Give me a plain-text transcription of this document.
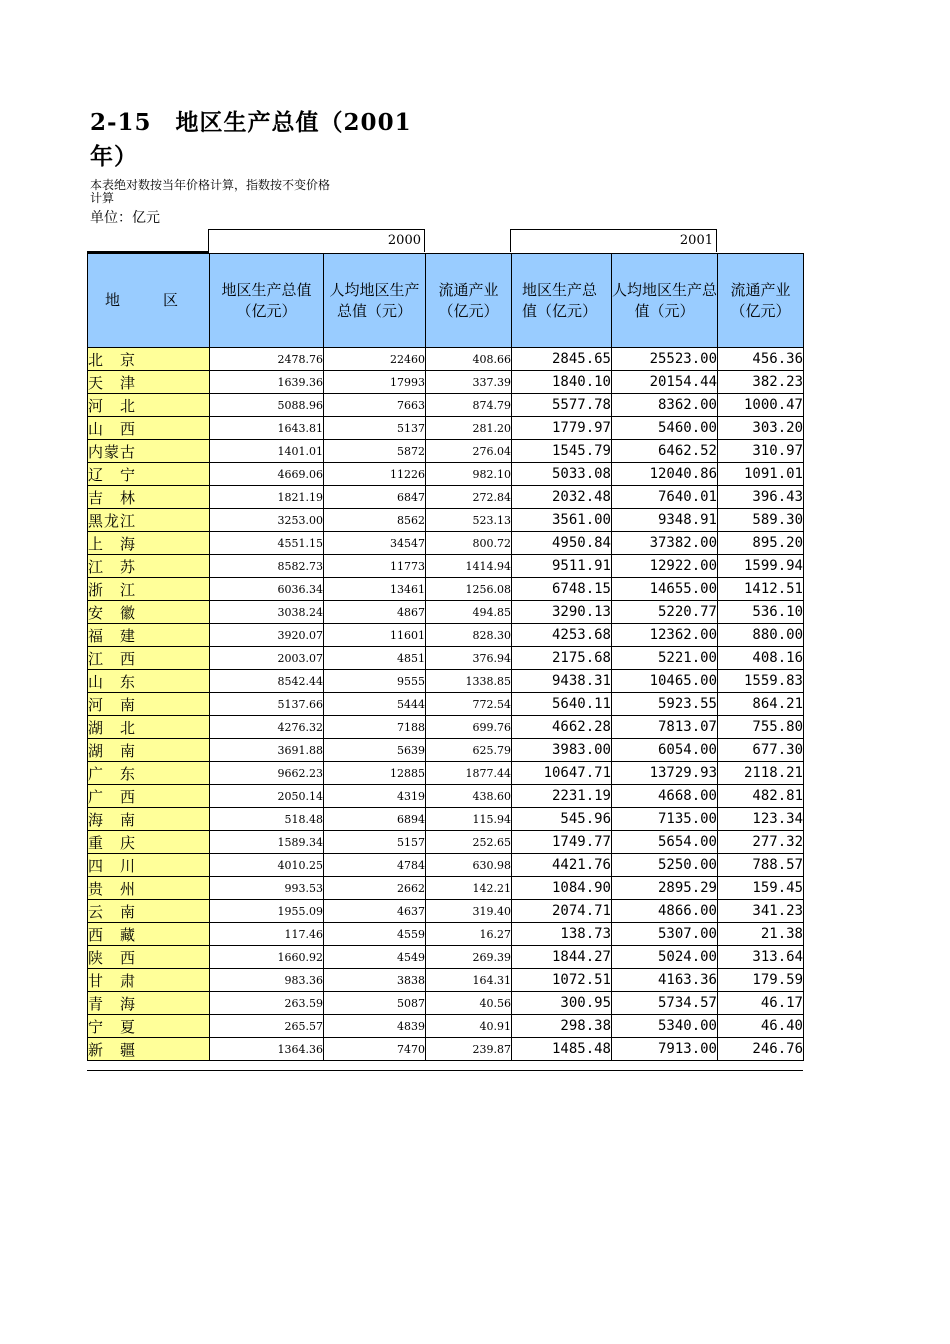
2-15　地区生产总值（2001年）
本表绝对数按当年价格计算，指数按不变价格计算
单位：亿元
2000	2001
地　区	地区生产总值（亿元）	人均地区生产总值（元）	流通产业（亿元）	地区生产总值（亿元）	人均地区生产总值（元）	流通产业（亿元）
北　京	2478.76	22460	408.66	2845.65	25523.00	456.36
天　津	1639.36	17993	337.39	1840.10	20154.44	382.23
河　北	5088.96	7663	874.79	5577.78	8362.00	1000.47
山　西	1643.81	5137	281.20	1779.97	5460.00	303.20
内蒙古	1401.01	5872	276.04	1545.79	6462.52	310.97
辽　宁	4669.06	11226	982.10	5033.08	12040.86	1091.01
吉　林	1821.19	6847	272.84	2032.48	7640.01	396.43
黑龙江	3253.00	8562	523.13	3561.00	9348.91	589.30
上　海	4551.15	34547	800.72	4950.84	37382.00	895.20
江　苏	8582.73	11773	1414.94	9511.91	12922.00	1599.94
浙　江	6036.34	13461	1256.08	6748.15	14655.00	1412.51
安　徽	3038.24	4867	494.85	3290.13	5220.77	536.10
福　建	3920.07	11601	828.30	4253.68	12362.00	880.00
江　西	2003.07	4851	376.94	2175.68	5221.00	408.16
山　东	8542.44	9555	1338.85	9438.31	10465.00	1559.83
河　南	5137.66	5444	772.54	5640.11	5923.55	864.21
湖　北	4276.32	7188	699.76	4662.28	7813.07	755.80
湖　南	3691.88	5639	625.79	3983.00	6054.00	677.30
广　东	9662.23	12885	1877.44	10647.71	13729.93	2118.21
广　西	2050.14	4319	438.60	2231.19	4668.00	482.81
海　南	518.48	6894	115.94	545.96	7135.00	123.34
重　庆	1589.34	5157	252.65	1749.77	5654.00	277.32
四　川	4010.25	4784	630.98	4421.76	5250.00	788.57
贵　州	993.53	2662	142.21	1084.90	2895.29	159.45
云　南	1955.09	4637	319.40	2074.71	4866.00	341.23
西　藏	117.46	4559	16.27	138.73	5307.00	21.38
陕　西	1660.92	4549	269.39	1844.27	5024.00	313.64
甘　肃	983.36	3838	164.31	1072.51	4163.36	179.59
青　海	263.59	5087	40.56	300.95	5734.57	46.17
宁　夏	265.57	4839	40.91	298.38	5340.00	46.40
新　疆	1364.36	7470	239.87	1485.48	7913.00	246.76
